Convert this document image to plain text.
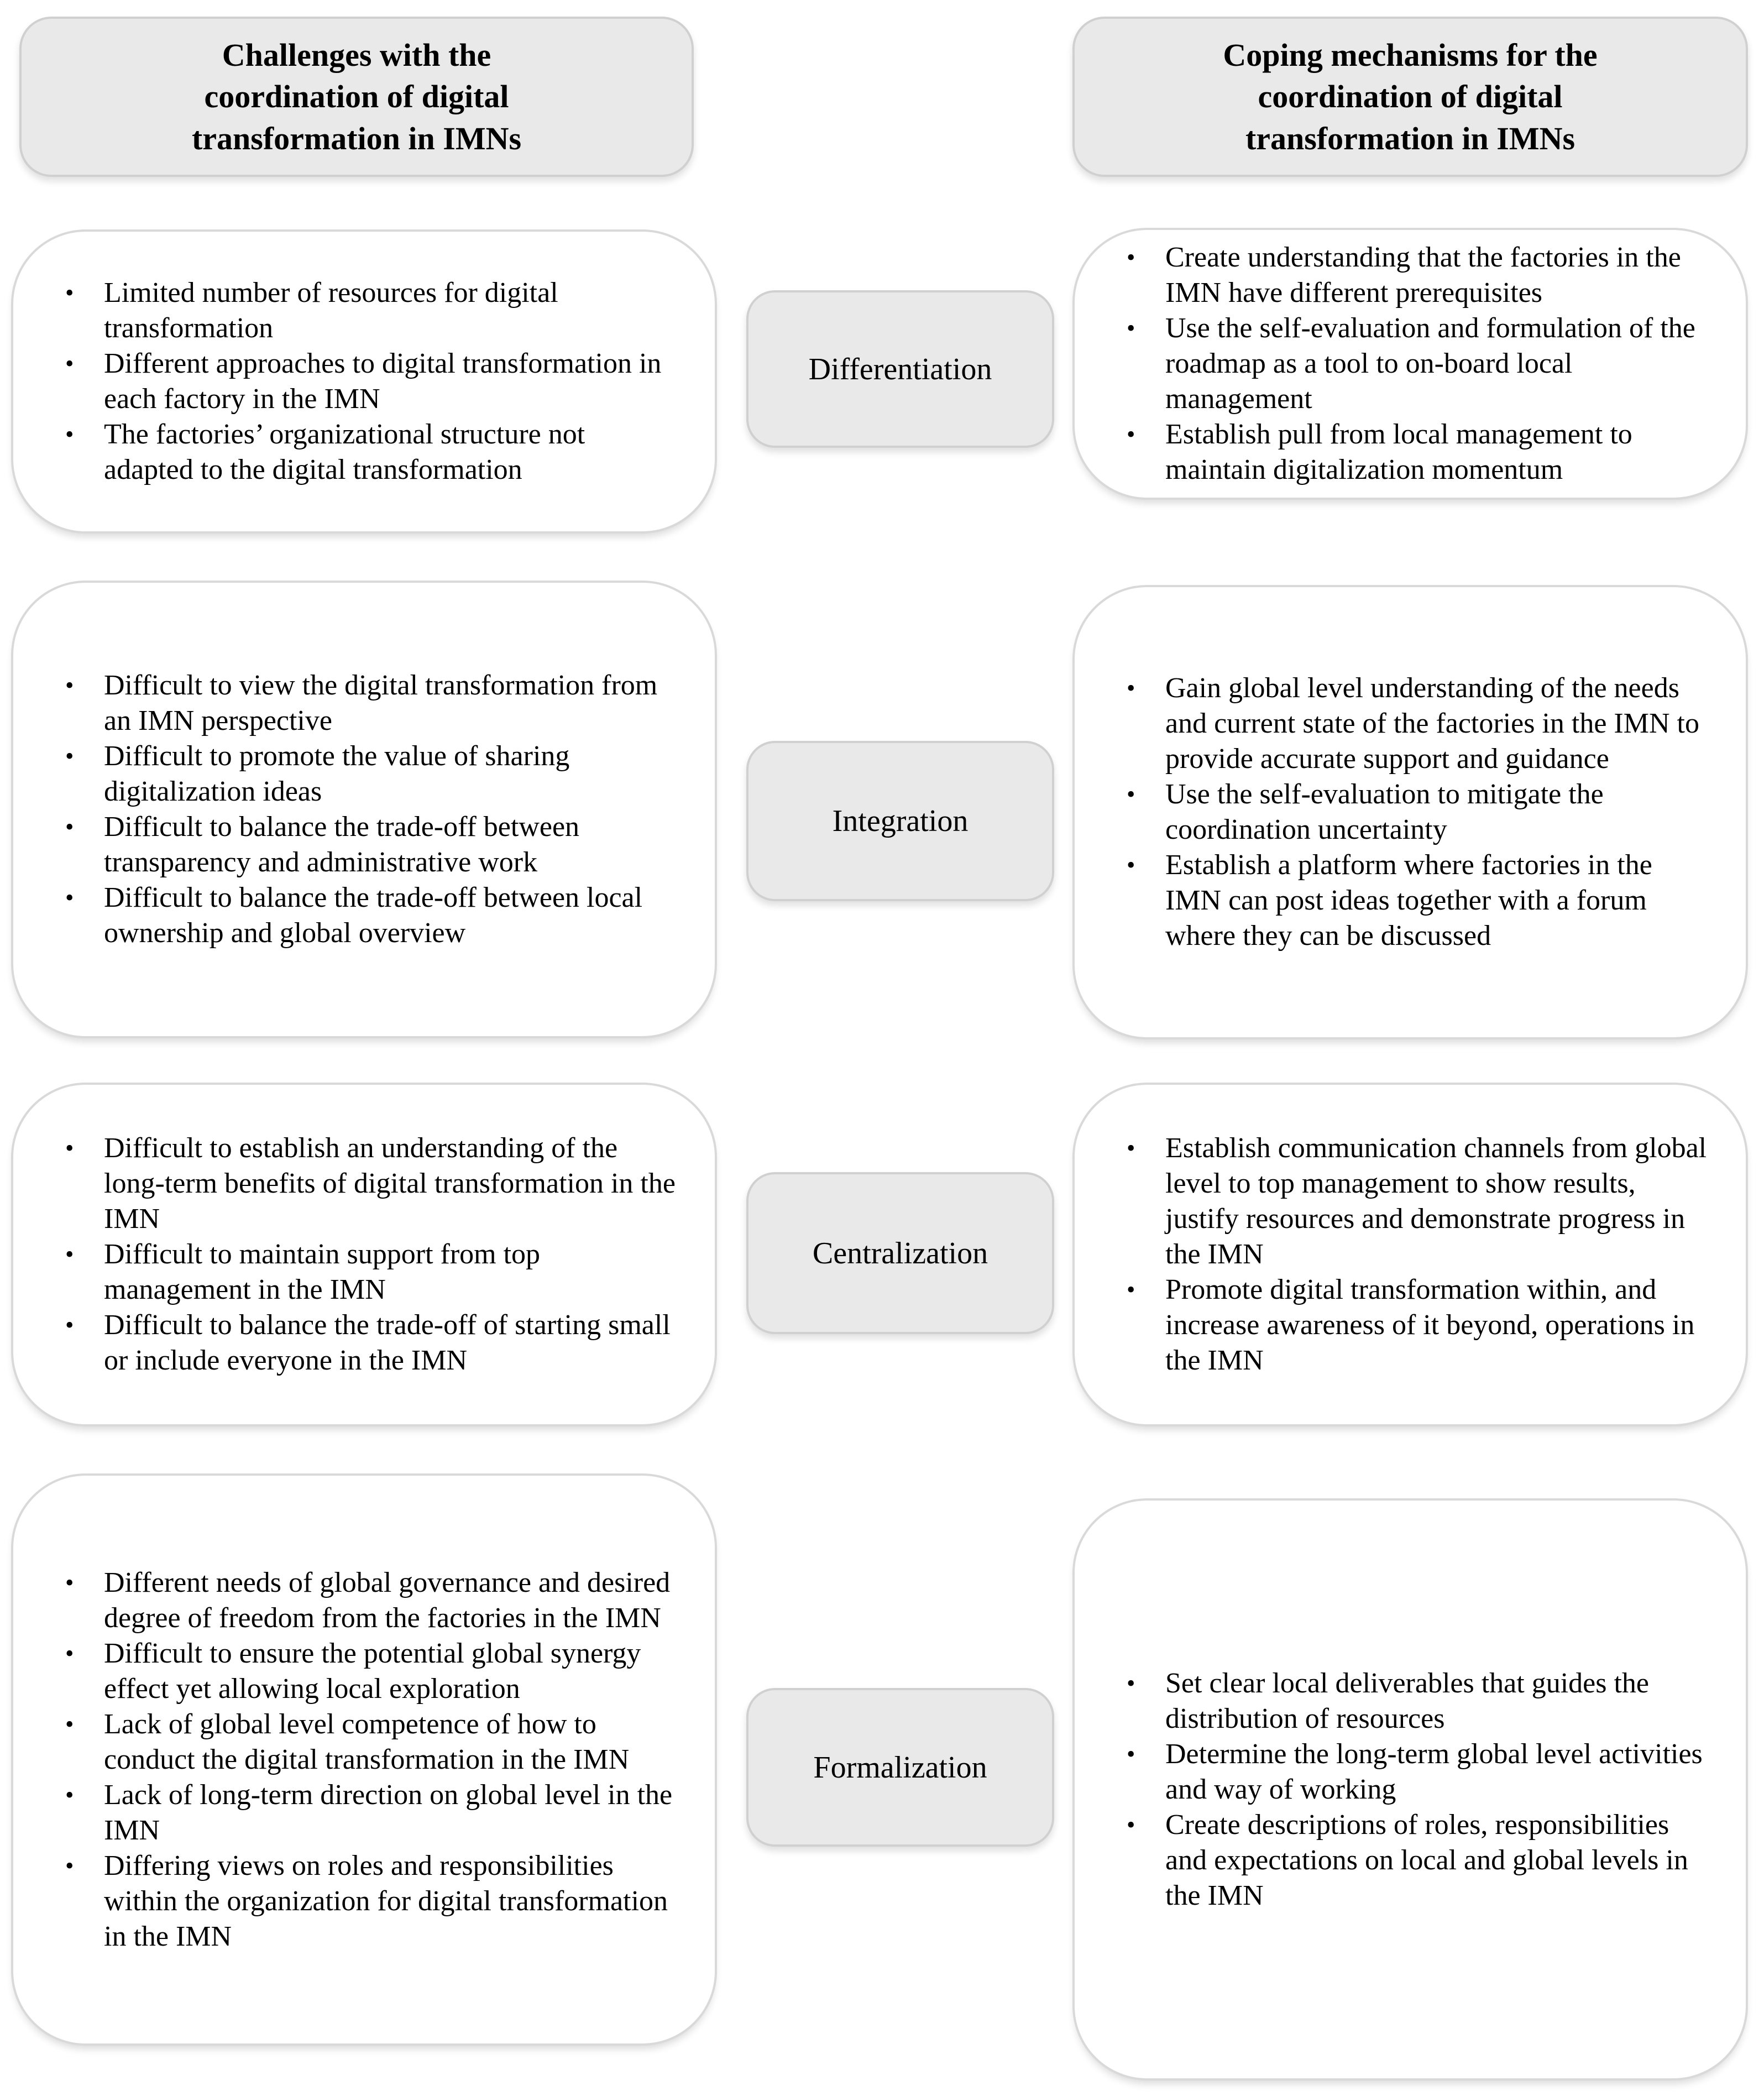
Challenges with the coordination of digital transformation in IMNs
Coping mechanisms for the coordination of digital transformation in IMNs
• Limited number of resources for digital transformation
• Different approaches to digital transformation in each factory in the IMN
• The factories’ organizational structure not adapted to the digital transformation
Differentiation
• Create understanding that the factories in the IMN have different prerequisites
• Use the self-evaluation and formulation of the roadmap as a tool to on-board local management
• Establish pull from local management to maintain digitalization momentum
• Difficult to view the digital transformation from an IMN perspective
• Difficult to promote the value of sharing digitalization ideas
• Difficult to balance the trade-off between transparency and administrative work
• Difficult to balance the trade-off between local ownership and global overview
Integration
• Gain global level understanding of the needs and current state of the factories in the IMN to provide accurate support and guidance
• Use the self-evaluation to mitigate the coordination uncertainty
• Establish a platform where factories in the IMN can post ideas together with a forum where they can be discussed
• Difficult to establish an understanding of the long-term benefits of digital transformation in the IMN
• Difficult to maintain support from top management in the IMN
• Difficult to balance the trade-off of starting small or include everyone in the IMN
Centralization
• Establish communication channels from global level to top management to show results, justify resources and demonstrate progress in the IMN
• Promote digital transformation within, and increase awareness of it beyond, operations in the IMN
• Different needs of global governance and desired degree of freedom from the factories in the IMN
• Difficult to ensure the potential global synergy effect yet allowing local exploration
• Lack of global level competence of how to conduct the digital transformation in the IMN
• Lack of long-term direction on global level in the IMN
• Differing views on roles and responsibilities within the organization for digital transformation in the IMN
Formalization
• Set clear local deliverables that guides the distribution of resources
• Determine the long-term global level activities and way of working
• Create descriptions of roles, responsibilities and expectations on local and global levels in the IMN
